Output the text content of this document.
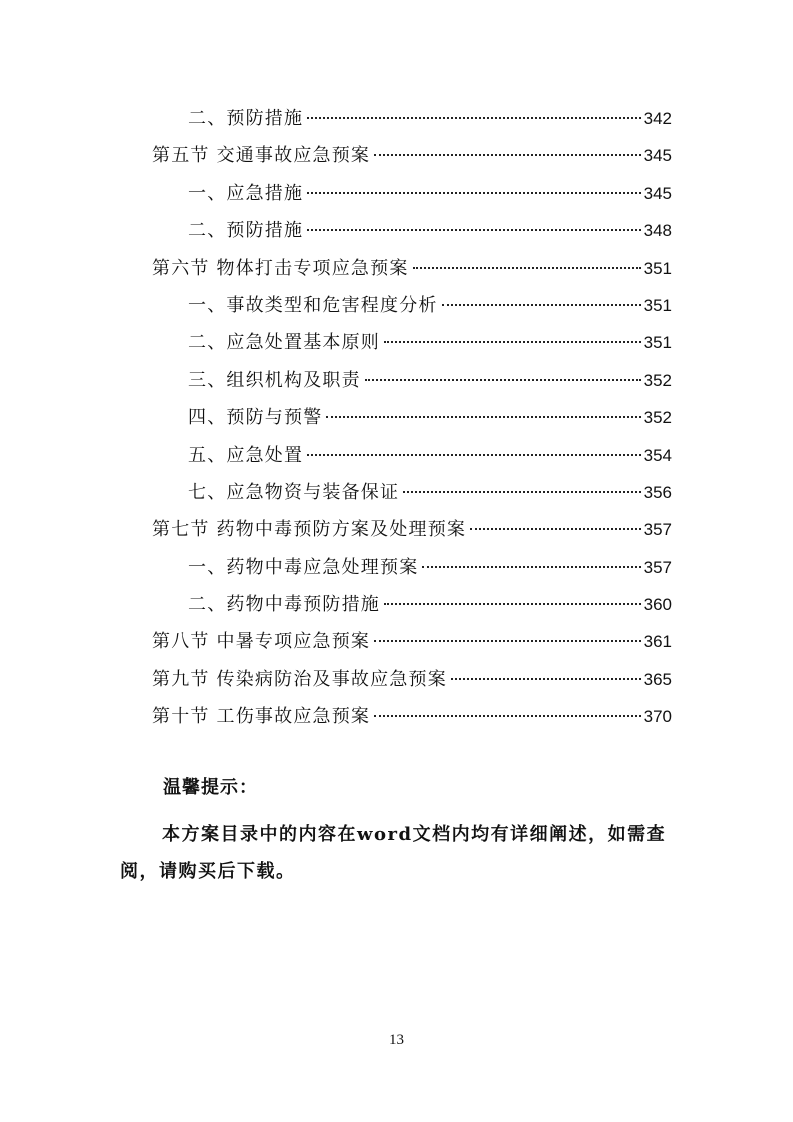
二、预防措施	342
第五节 交通事故应急预案	345
一、应急措施	345
二、预防措施	348
第六节 物体打击专项应急预案	351
一、事故类型和危害程度分析	351
二、应急处置基本原则	351
三、组织机构及职责	352
四、预防与预警	352
五、应急处置	354
七、应急物资与装备保证	356
第七节 药物中毒预防方案及处理预案	357
一、药物中毒应急处理预案	357
二、药物中毒预防措施	360
第八节 中暑专项应急预案	361
第九节 传染病防治及事故应急预案	365
第十节 工伤事故应急预案	370

温馨提示：

本方案目录中的内容在word文档内均有详细阐述，如需查阅，请购买后下载。

13
